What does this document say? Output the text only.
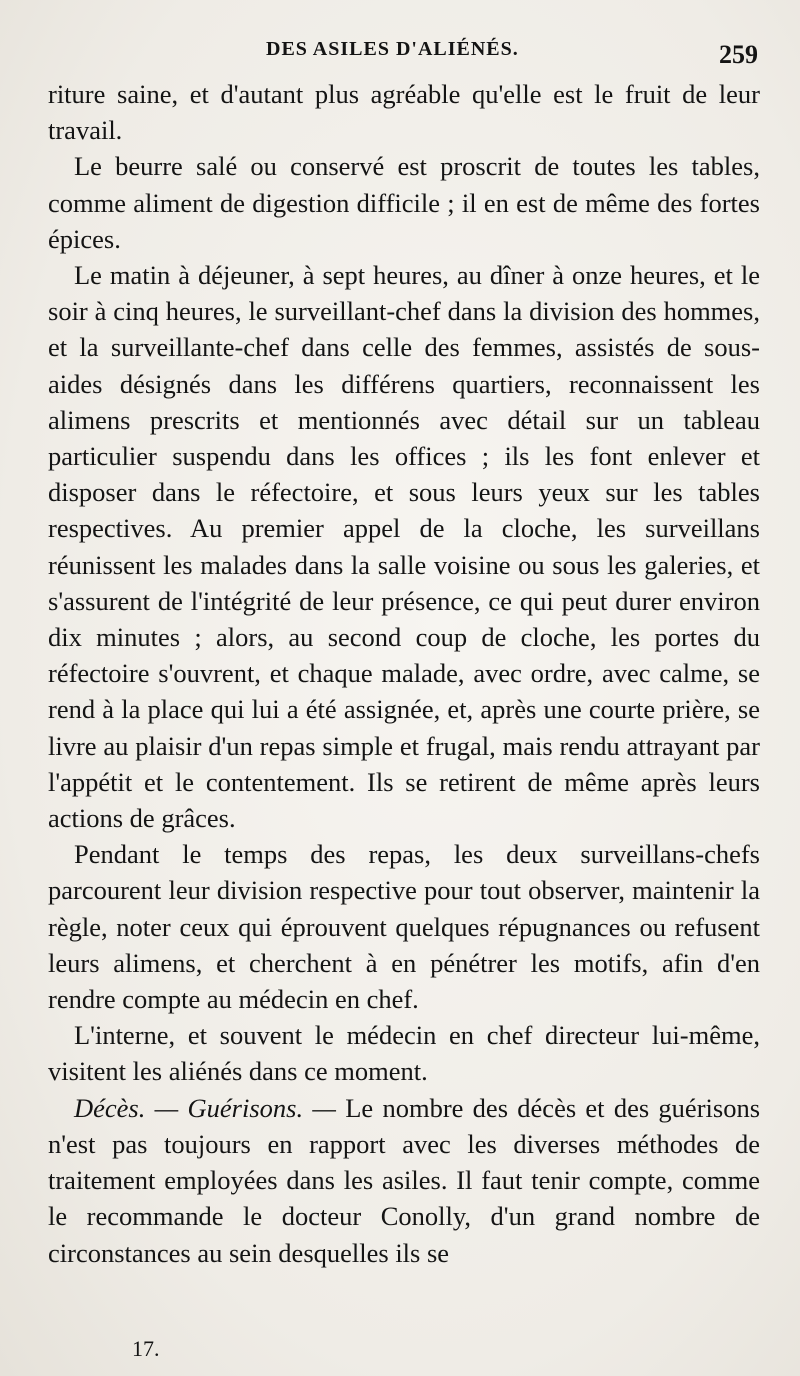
DES ASILES D'ALIÉNÉS.	259

riture saine, et d'autant plus agréable qu'elle est le fruit de leur travail.

Le beurre salé ou conservé est proscrit de toutes les tables, comme aliment de digestion difficile ; il en est de même des fortes épices.

Le matin à déjeuner, à sept heures, au dîner à onze heures, et le soir à cinq heures, le surveillant-chef dans la division des hommes, et la surveillante-chef dans celle des femmes, assistés de sous-aides désignés dans les différens quartiers, reconnaissent les alimens prescrits et mentionnés avec détail sur un tableau particulier suspendu dans les offices ; ils les font enlever et disposer dans le réfectoire, et sous leurs yeux sur les tables respectives. Au premier appel de la cloche, les surveillans réunissent les malades dans la salle voisine ou sous les galeries, et s'assurent de l'intégrité de leur présence, ce qui peut durer environ dix minutes ; alors, au second coup de cloche, les portes du réfectoire s'ouvrent, et chaque malade, avec ordre, avec calme, se rend à la place qui lui a été assignée, et, après une courte prière, se livre au plaisir d'un repas simple et frugal, mais rendu attrayant par l'appétit et le contentement. Ils se retirent de même après leurs actions de grâces.

Pendant le temps des repas, les deux surveillans-chefs parcourent leur division respective pour tout observer, maintenir la règle, noter ceux qui éprouvent quelques répugnances ou refusent leurs alimens, et cherchent à en pénétrer les motifs, afin d'en rendre compte au médecin en chef.

L'interne, et souvent le médecin en chef directeur lui-même, visitent les aliénés dans ce moment.

Décès. — Guérisons. — Le nombre des décès et des guérisons n'est pas toujours en rapport avec les diverses méthodes de traitement employées dans les asiles. Il faut tenir compte, comme le recommande le docteur Conolly, d'un grand nombre de circonstances au sein desquelles ils se

17.
